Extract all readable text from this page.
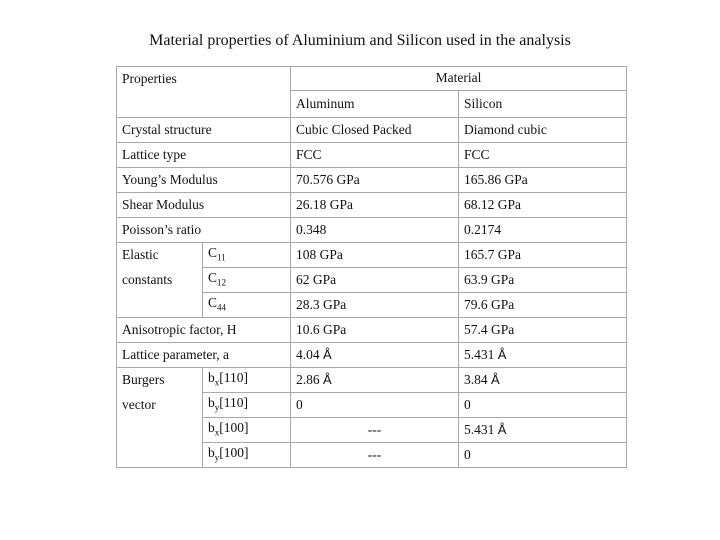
Material properties of Aluminium and Silicon used in the analysis
Properties		Material	
		Aluminum	Silicon
Crystal structure		Cubic Closed Packed	Diamond cubic
Lattice type		FCC	FCC
Young’s Modulus		70.576 GPa	165.86 GPa
Shear Modulus		26.18 GPa	68.12 GPa
Poisson’s ratio		0.348	0.2174
Elastic	$C_{11}$	108 GPa	165.7 GPa
constants	$C_{12}$	62 GPa	63.9 GPa
	$C_{44}$	28.3 GPa	79.6 GPa
Anisotropic factor, H		10.6 GPa	57.4 GPa
Lattice parameter, a		4.04 Å	5.431 Å
Burgers	$b_x[110]$	2.86 Å	3.84 Å
vector	$b_y[110]$	0	0
	$b_x[100]$	---	5.431 Å
	$b_y[100]$	---	0
